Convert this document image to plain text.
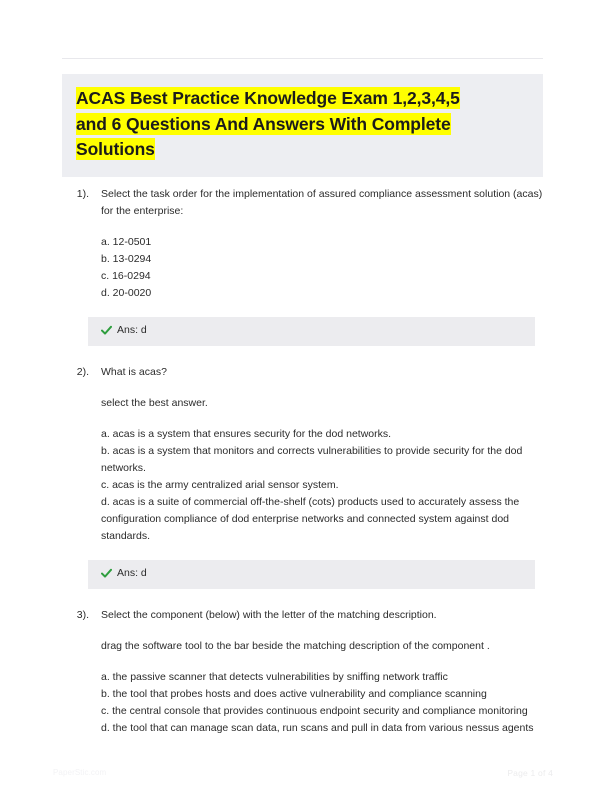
ACAS Best Practice Knowledge Exam 1,2,3,4,5
and 6 Questions And Answers With Complete
Solutions
1). Select the task order for the implementation of assured compliance assessment solution (acas) for the enterprise:

a. 12-0501

b. 13-0294

c. 16-0294

d. 20-0020

Ans: d
2). What is acas?

select the best answer.

a. acas is a system that ensures security for the dod networks.

b. acas is a system that monitors and corrects vulnerabilities to provide security for the dod networks.

c. acas is the army centralized arial sensor system.

d. acas is a suite of commercial off-the-shelf (cots) products used to accurately assess the configuration compliance of dod enterprise networks and connected system against dod standards.

Ans: d
3). Select the component (below) with the letter of the matching description.

drag the software tool to the bar beside the matching description of the component .

a. the passive scanner that detects vulnerabilities by sniffing network traffic

b. the tool that probes hosts and does active vulnerability and compliance scanning

c. the central console that provides continuous endpoint security and compliance monitoring

d. the tool that can manage scan data, run scans and pull in data from various nessus agents

PaperStic.com	Page 1 of 4
